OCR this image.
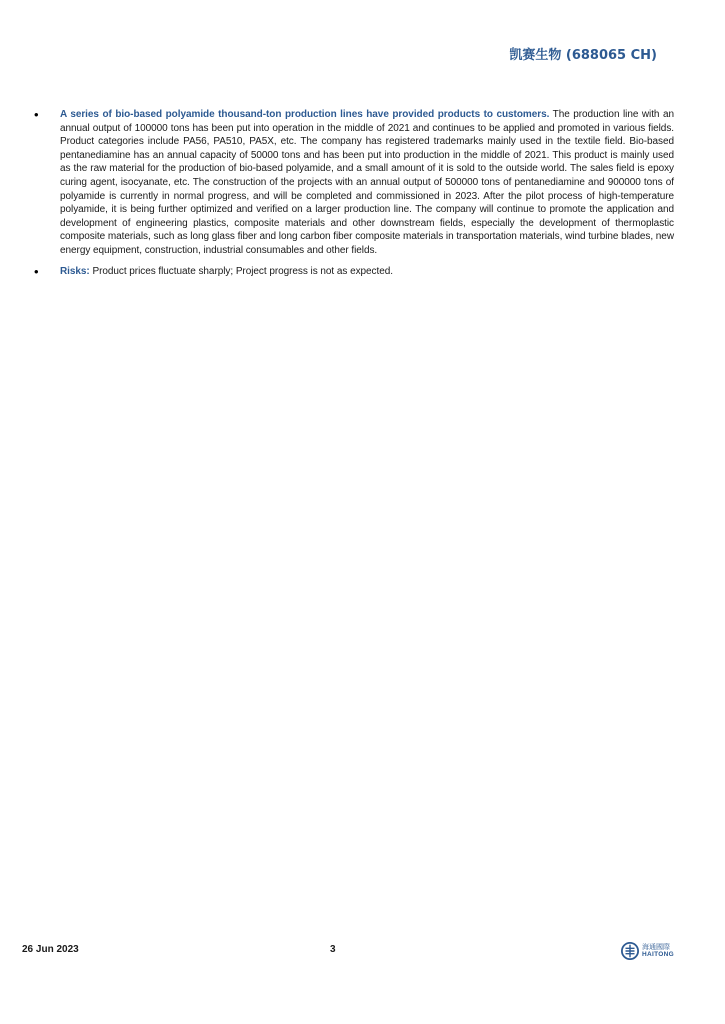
凯赛生物 (688065 CH)
•	A series of bio-based polyamide thousand-ton production lines have provided products to customers. The production line with an annual output of 100000 tons has been put into operation in the middle of 2021 and continues to be applied and promoted in various fields. Product categories include PA56, PA510, PA5X, etc. The company has registered trademarks mainly used in the textile field. Bio-based pentanediamine has an annual capacity of 50000 tons and has been put into production in the middle of 2021. This product is mainly used as the raw material for the production of bio-based polyamide, and a small amount of it is sold to the outside world. The sales field is epoxy curing agent, isocyanate, etc. The construction of the projects with an annual output of 500000 tons of pentanediamine and 900000 tons of polyamide is currently in normal progress, and will be completed and commissioned in 2023. After the pilot process of high-temperature polyamide, it is being further optimized and verified on a larger production line. The company will continue to promote the application and development of engineering plastics, composite materials and other downstream fields, especially the development of thermoplastic composite materials, such as long glass fiber and long carbon fiber composite materials in transportation materials, wind turbine blades, new energy equipment, construction, industrial consumables and other fields.
•	Risks: Product prices fluctuate sharply; Project progress is not as expected.
26 Jun 2023	3	海通國際
HAITONG
